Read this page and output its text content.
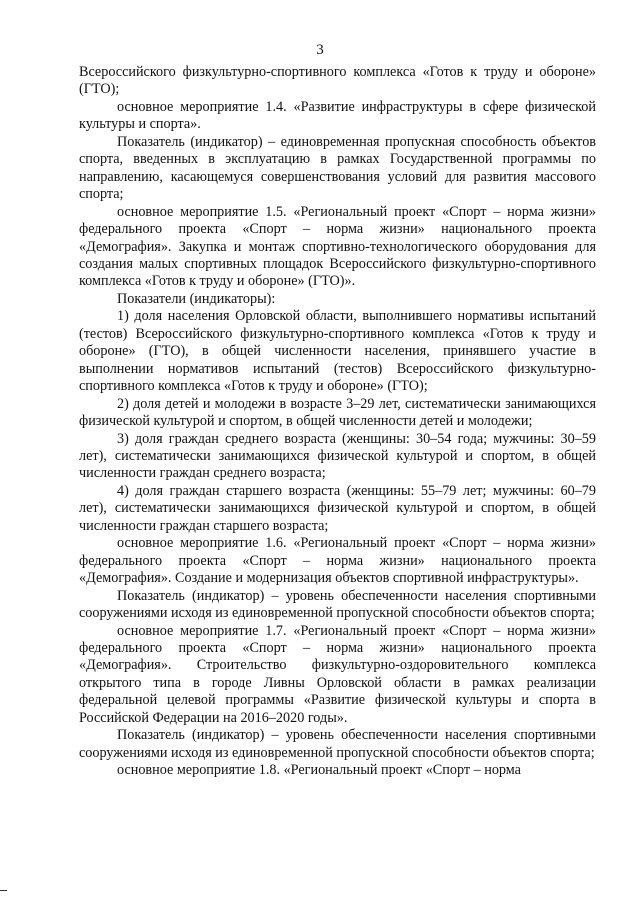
3

Всероссийского физкультурно-спортивного комплекса «Готов к труду и обороне» (ГТО);

основное мероприятие 1.4. «Развитие инфраструктуры в сфере физической культуры и спорта».

Показатель (индикатор) – единовременная пропускная способность объектов спорта, введенных в эксплуатацию в рамках Государственной программы по направлению, касающемуся совершенствования условий для развития массового спорта;

основное мероприятие 1.5. «Региональный проект «Спорт – норма жизни» федерального проекта «Спорт – норма жизни» национального проекта «Демография». Закупка и монтаж спортивно-технологического оборудования для создания малых спортивных площадок Всероссийского физкультурно-спортивного комплекса «Готов к труду и обороне» (ГТО)».

Показатели (индикаторы):

1) доля населения Орловской области, выполнившего нормативы испытаний (тестов) Всероссийского физкультурно-спортивного комплекса «Готов к труду и обороне» (ГТО), в общей численности населения, принявшего участие в выполнении нормативов испытаний (тестов) Всероссийского физкультурно-спортивного комплекса «Готов к труду и обороне» (ГТО);

2) доля детей и молодежи в возрасте 3–29 лет, систематически занимающихся физической культурой и спортом, в общей численности детей и молодежи;

3) доля граждан среднего возраста (женщины: 30–54 года; мужчины: 30–59 лет), систематически занимающихся физической культурой и спортом, в общей численности граждан среднего возраста;

4) доля граждан старшего возраста (женщины: 55–79 лет; мужчины: 60–79 лет), систематически занимающихся физической культурой и спортом, в общей численности граждан старшего возраста;

основное мероприятие 1.6. «Региональный проект «Спорт – норма жизни» федерального проекта «Спорт – норма жизни» национального проекта «Демография». Создание и модернизация объектов спортивной инфраструктуры».

Показатель (индикатор) – уровень обеспеченности населения спортивными сооружениями исходя из единовременной пропускной способности объектов спорта;

основное мероприятие 1.7. «Региональный проект «Спорт – норма жизни» федерального проекта «Спорт – норма жизни» национального проекта «Демография». Строительство физкультурно-оздоровительного комплекса открытого типа в городе Ливны Орловской области в рамках реализации федеральной целевой программы «Развитие физической культуры и спорта в Российской Федерации на 2016–2020 годы».

Показатель (индикатор) – уровень обеспеченности населения спортивными сооружениями исходя из единовременной пропускной способности объектов спорта;

основное мероприятие 1.8. «Региональный проект «Спорт – норма
